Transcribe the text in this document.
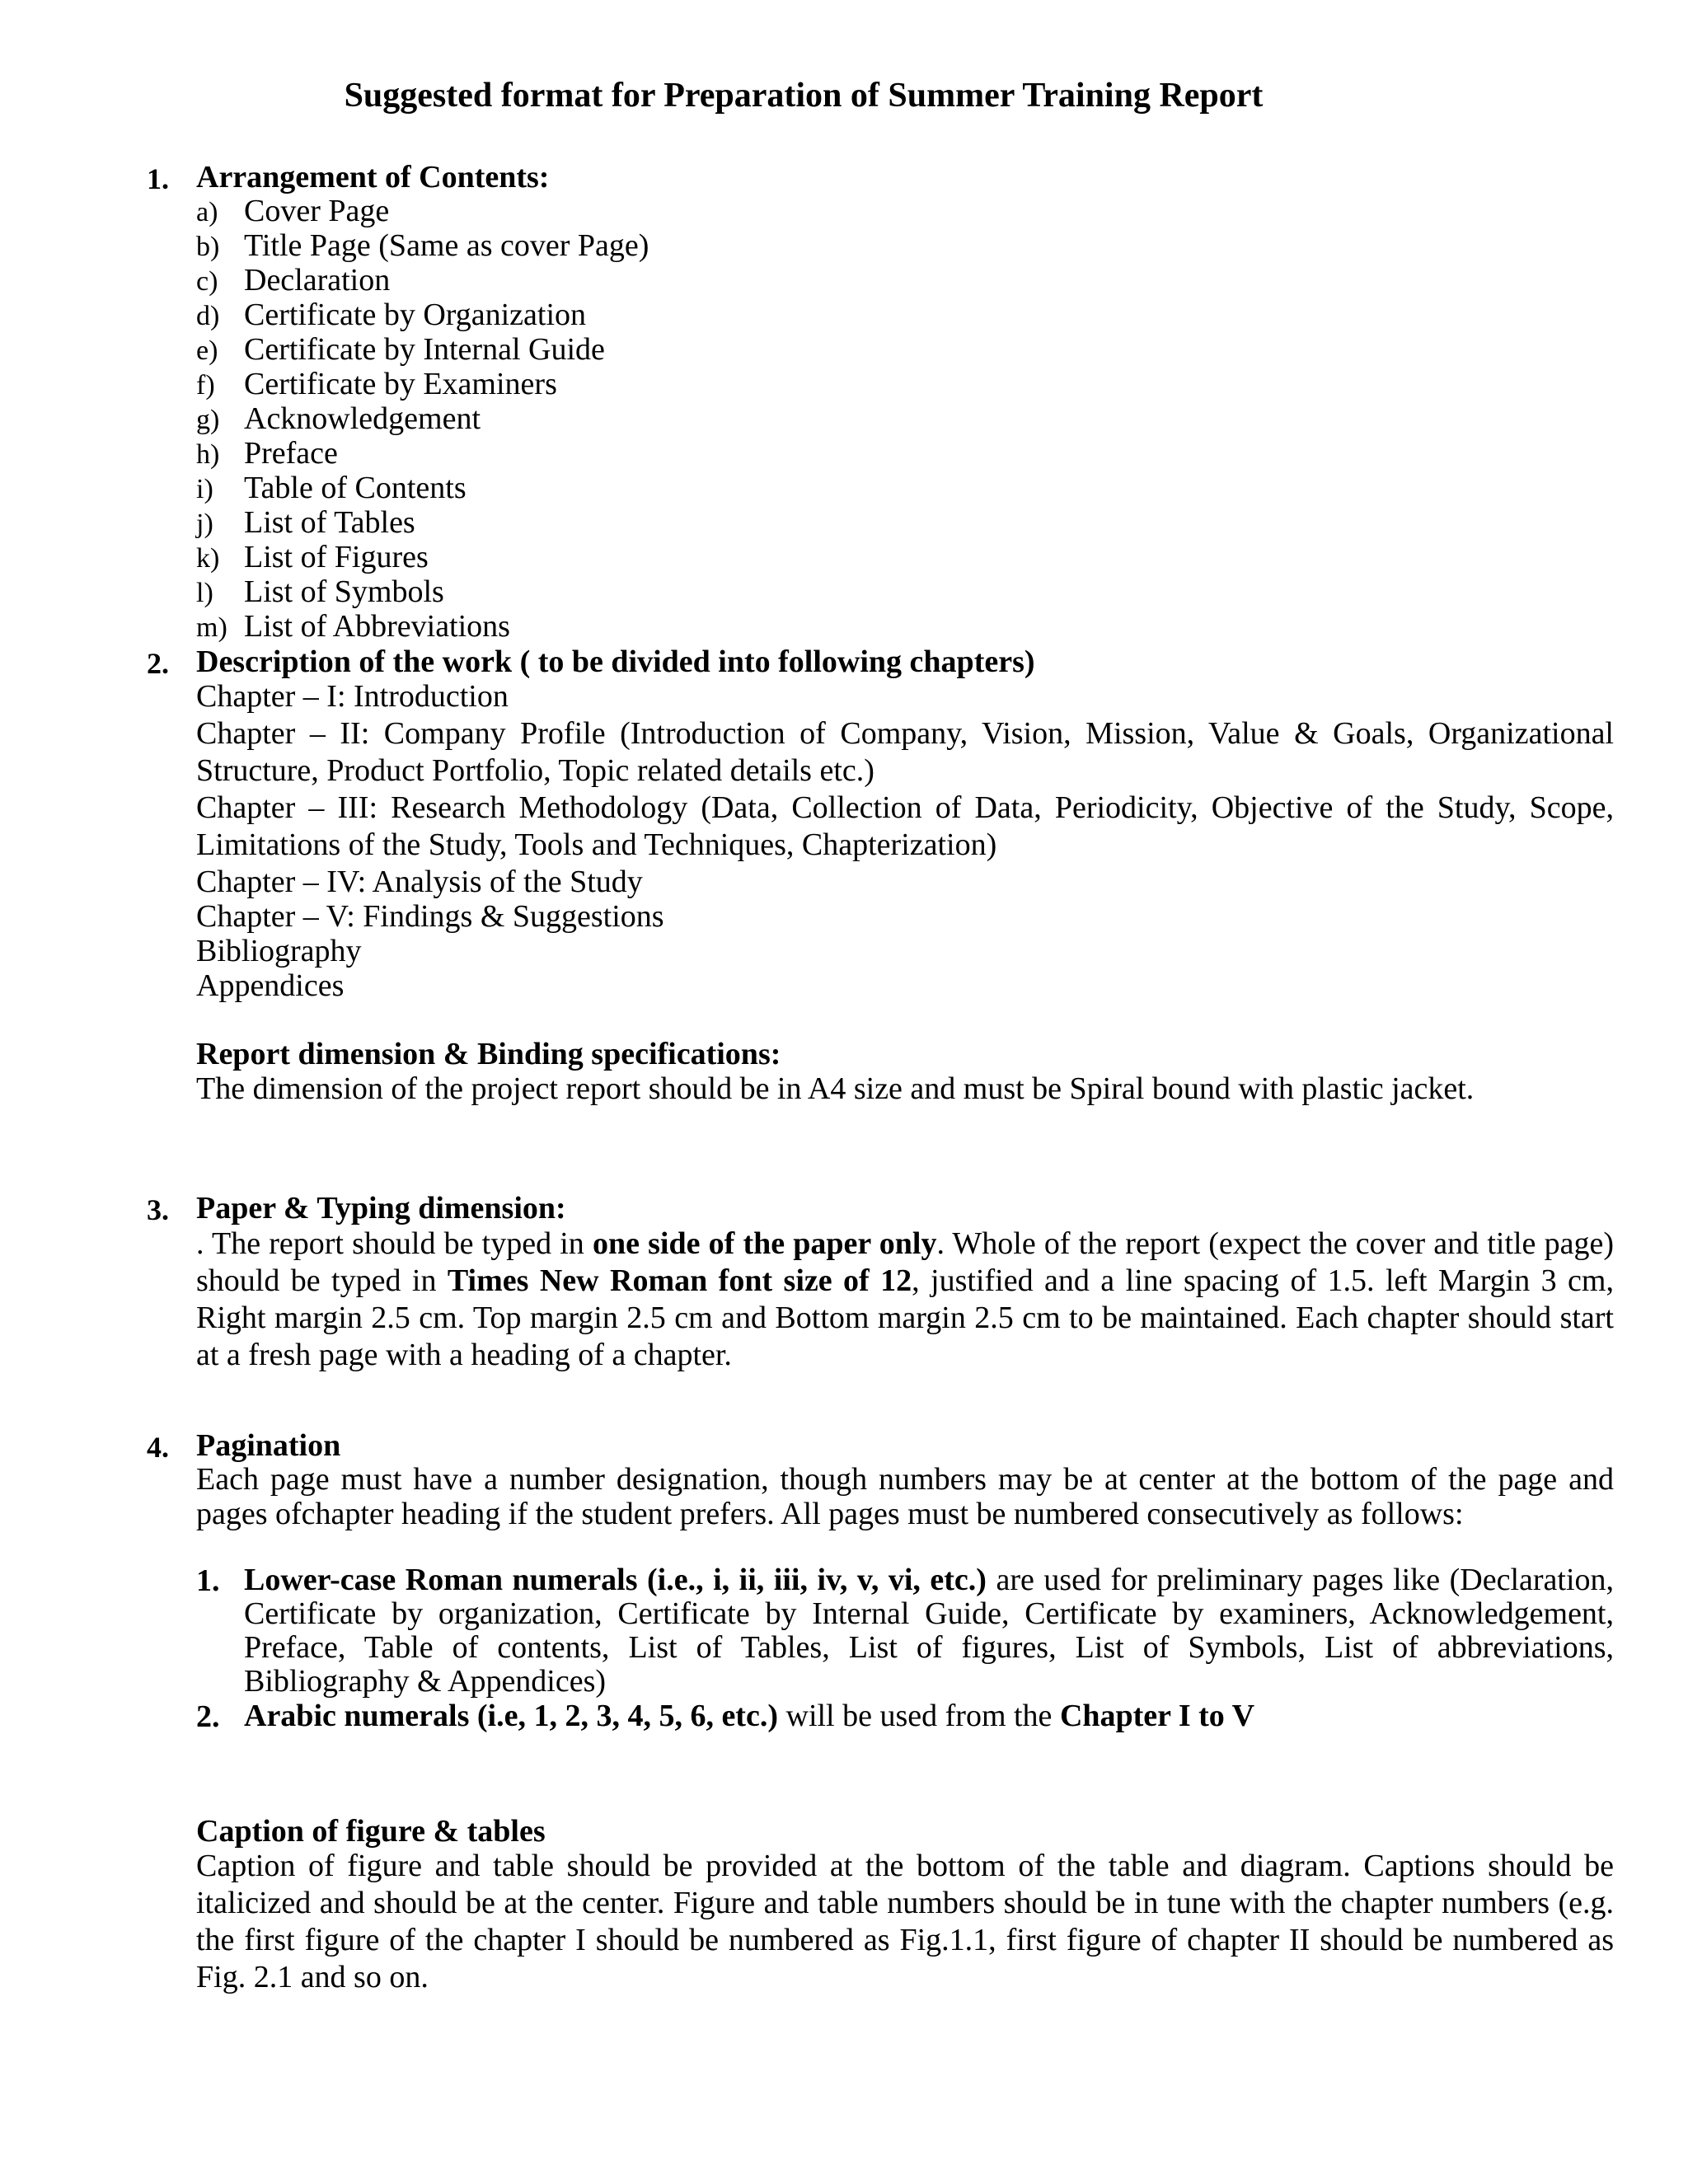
Suggested format for Preparation of Summer Training Report
1. Arrangement of Contents:
a) Cover Page
b) Title Page (Same as cover Page)
c) Declaration
d) Certificate by Organization
e) Certificate by Internal Guide
f) Certificate by Examiners
g) Acknowledgement
h) Preface
i) Table of Contents
j) List of Tables
k) List of Figures
l) List of Symbols
m) List of Abbreviations
2. Description of the work ( to be divided into following chapters)
Chapter – I: Introduction
Chapter – II: Company Profile (Introduction of Company, Vision, Mission, Value & Goals, Organizational Structure, Product Portfolio, Topic related details etc.)
Chapter – III: Research Methodology (Data, Collection of Data, Periodicity, Objective of the Study, Scope, Limitations of the Study, Tools and Techniques, Chapterization)
Chapter – IV: Analysis of the Study
Chapter – V: Findings & Suggestions
Bibliography
Appendices
Report dimension & Binding specifications:
The dimension of the project report should be in A4 size and must be Spiral bound with plastic jacket.
3. Paper & Typing dimension:
. The report should be typed in one side of the paper only. Whole of the report (expect the cover and title page) should be typed in Times New Roman font size of 12, justified and a line spacing of 1.5. left Margin 3 cm, Right margin 2.5 cm. Top margin 2.5 cm and Bottom margin 2.5 cm to be maintained. Each chapter should start at a fresh page with a heading of a chapter.
4. Pagination
Each page must have a number designation, though numbers may be at center at the bottom of the page and pages ofchapter heading if the student prefers. All pages must be numbered consecutively as follows:
1. Lower-case Roman numerals (i.e., i, ii, iii, iv, v, vi, etc.) are used for preliminary pages like (Declaration, Certificate by organization, Certificate by Internal Guide, Certificate by examiners, Acknowledgement, Preface, Table of contents, List of Tables, List of figures, List of Symbols, List of abbreviations, Bibliography & Appendices)
2. Arabic numerals (i.e, 1, 2, 3, 4, 5, 6, etc.) will be used from the Chapter I to V
Caption of figure & tables
Caption of figure and table should be provided at the bottom of the table and diagram. Captions should be italicized and should be at the center. Figure and table numbers should be in tune with the chapter numbers (e.g. the first figure of the chapter I should be numbered as Fig.1.1, first figure of chapter II should be numbered as Fig. 2.1 and so on.
